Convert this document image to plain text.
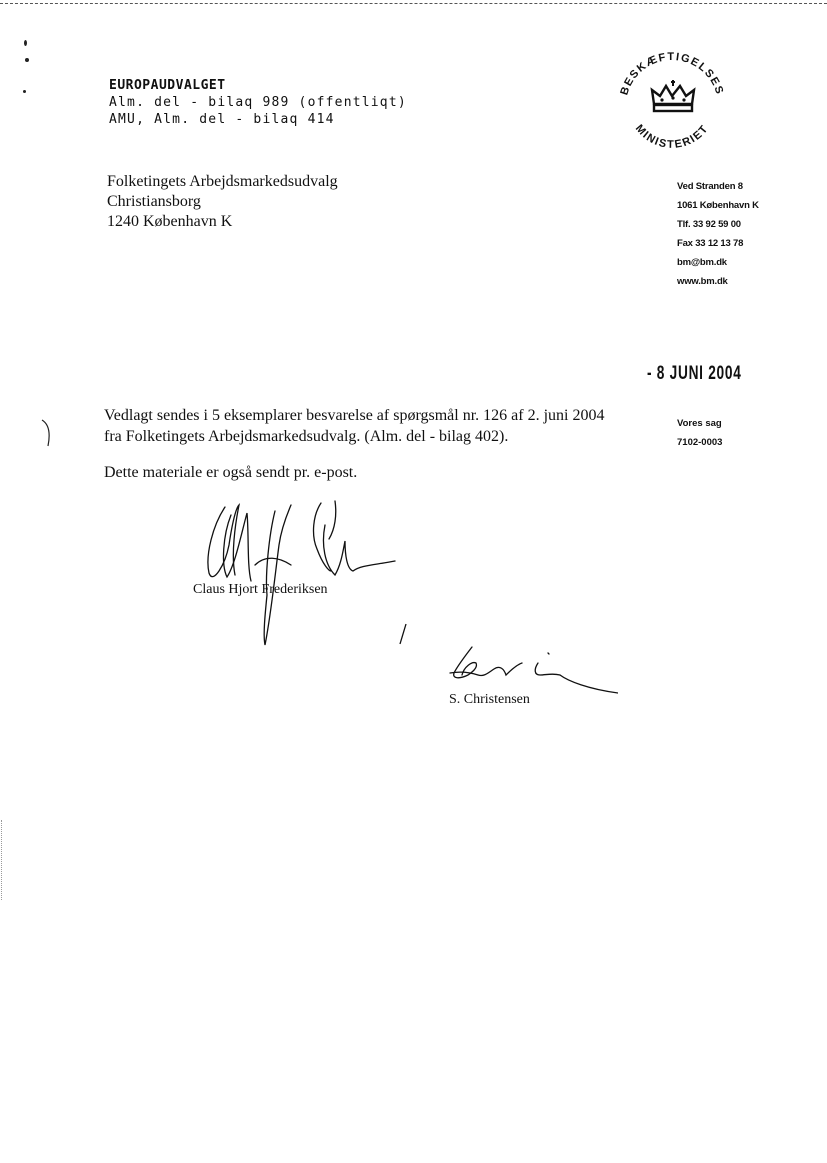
EUROPAUDVALGET
Alm. del - bilaq 989 (offentliqt)
AMU, Alm. del - bilaq 414
BESKÆFTIGELSES
MINISTERIET
Folketingets Arbejdsmarkedsudvalg
Christiansborg
1240 København K
Ved Stranden 8
1061 København K
Tlf. 33 92 59 00
Fax 33 12 13 78
bm@bm.dk
www.bm.dk
- 8 JUNI 2004
Vores sag
7102-0003

Vedlagt sendes i 5 eksemplarer besvarelse af spørgsmål nr. 126 af 2. juni 2004 fra Folketingets Arbejdsmarkedsudvalg. (Alm. del - bilag 402).

Dette materiale er også sendt pr. e-post.

Claus Hjort Frederiksen
S. Christensen
